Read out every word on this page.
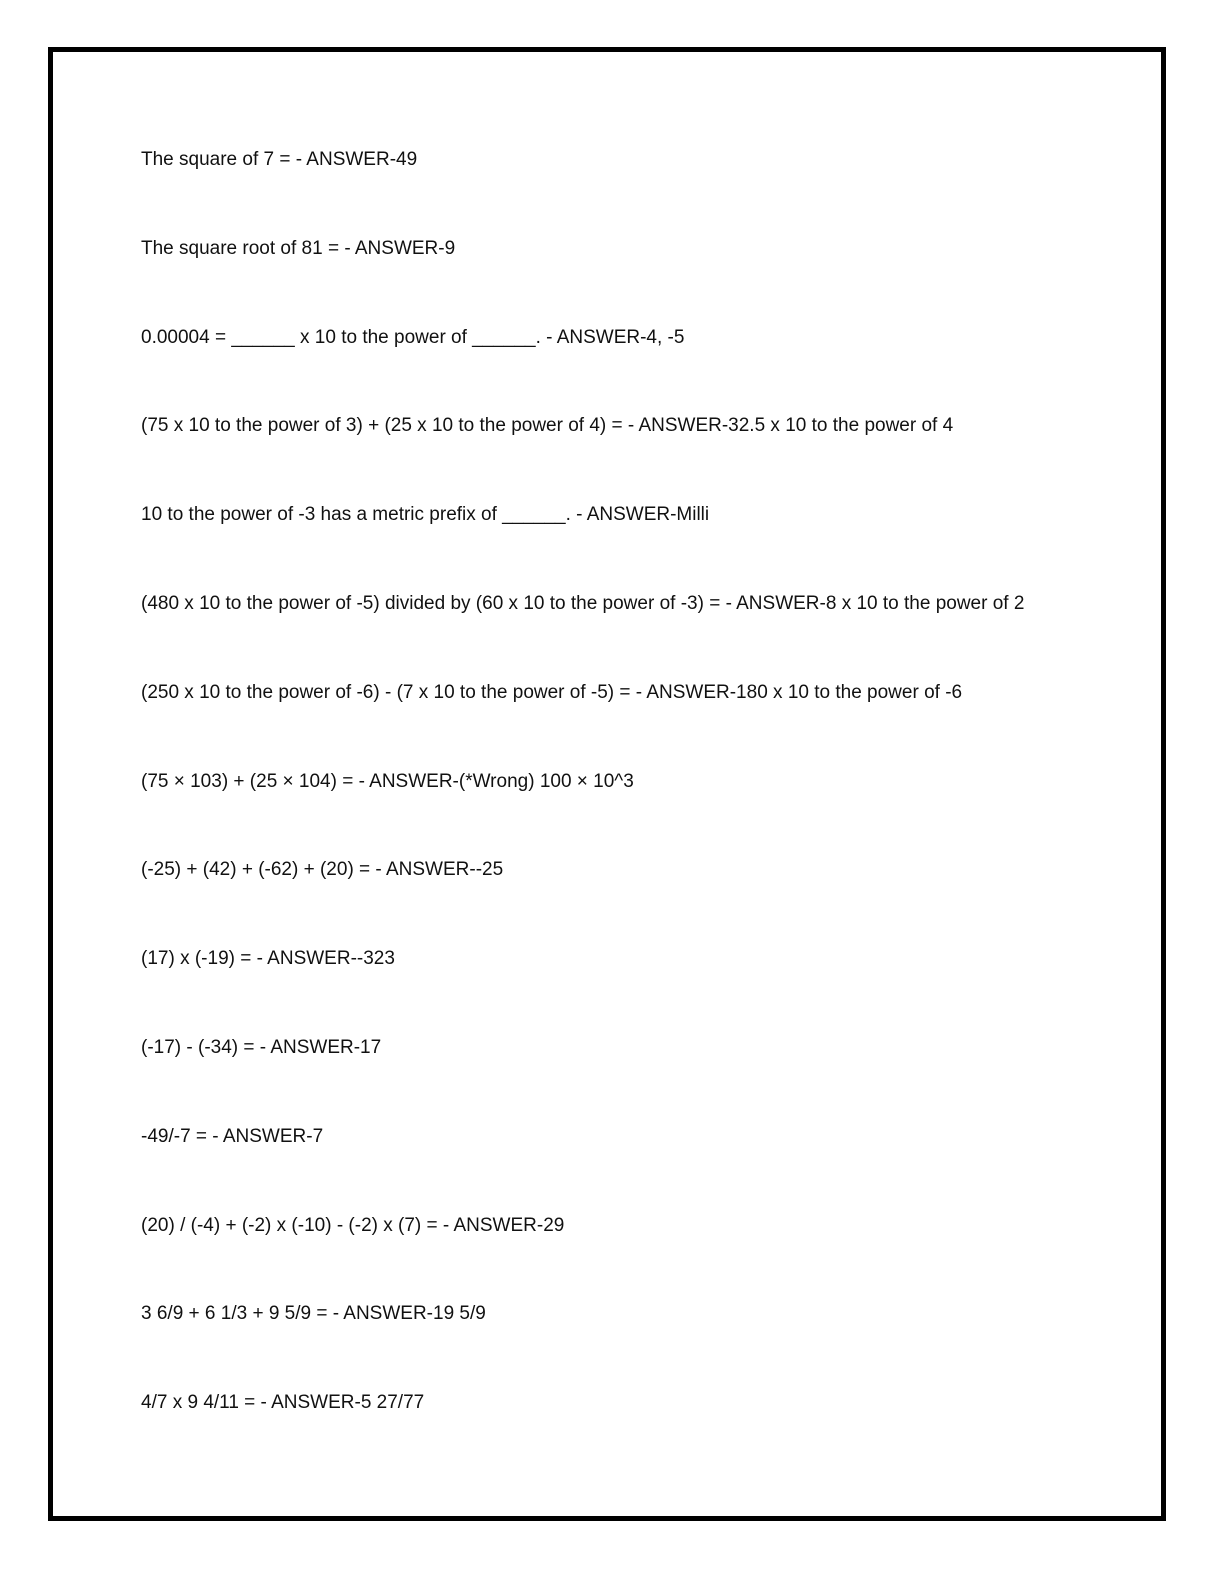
The square of 7 = - ANSWER-49
The square root of 81 = - ANSWER-9
0.00004 = ______ x 10 to the power of ______. - ANSWER-4, -5
(75 x 10 to the power of 3) + (25 x 10 to the power of 4) = - ANSWER-32.5 x 10 to the power of 4
10 to the power of -3 has a metric prefix of ______. - ANSWER-Milli
(480 x 10 to the power of -5) divided by (60 x 10 to the power of -3) = - ANSWER-8 x 10 to the power of 2
(250 x 10 to the power of -6) - (7 x 10 to the power of -5) = - ANSWER-180 x 10 to the power of -6
(75 × 103) + (25 × 104) = - ANSWER-(*Wrong) 100 × 10^3
(-25) + (42) + (-62) + (20) = - ANSWER--25
(17) x (-19) = - ANSWER--323
(-17) - (-34) = - ANSWER-17
-49/-7 = - ANSWER-7
(20) / (-4) + (-2) x (-10) - (-2) x (7) = - ANSWER-29
3 6/9 + 6 1/3 + 9 5/9 = - ANSWER-19 5/9
4/7 x 9 4/11 = - ANSWER-5 27/77
